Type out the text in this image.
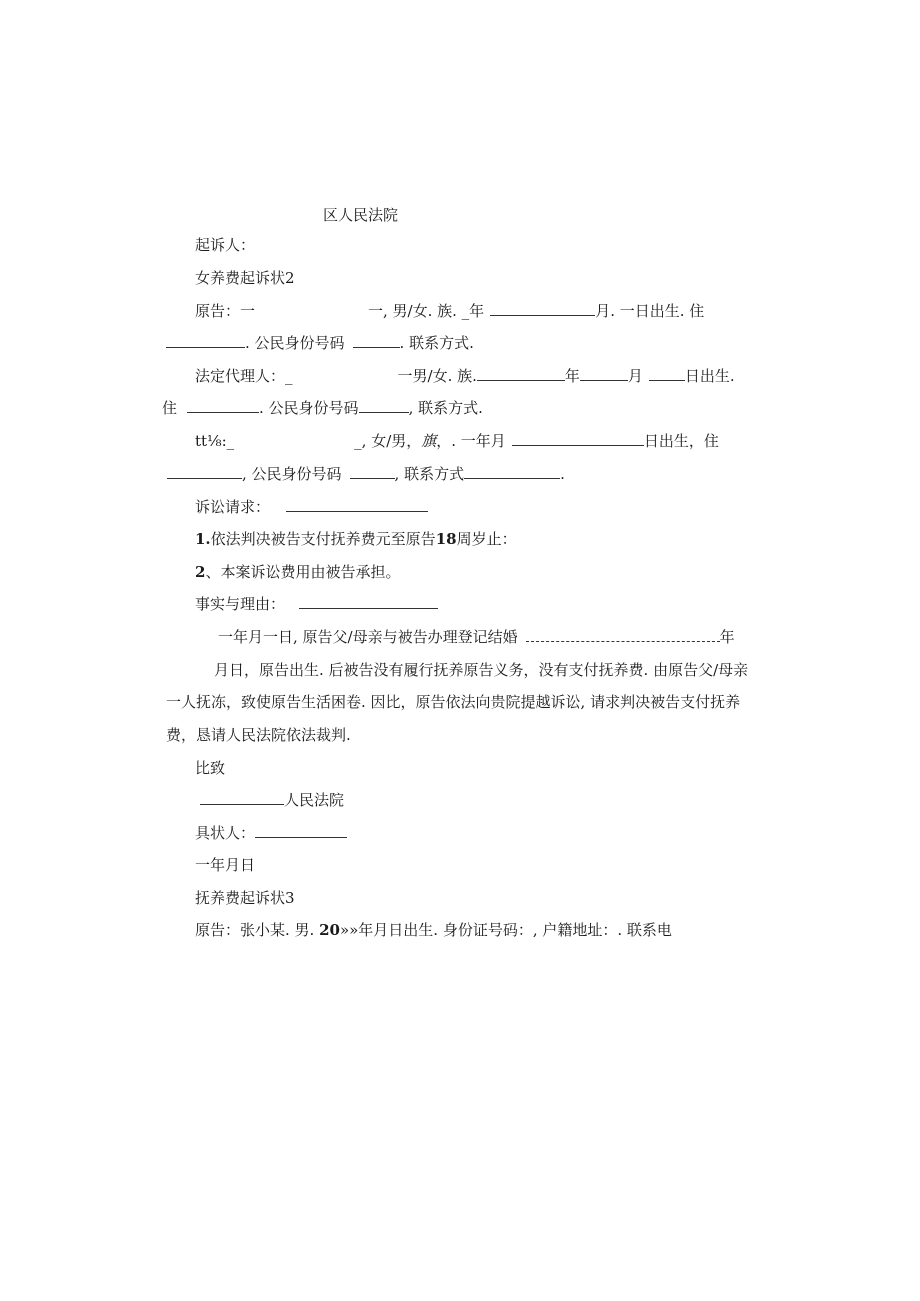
区人民法院
起诉人：
女养费起诉状2
原告：一	一, 男/女. 族. _年	月. 一日出生. 住
. 公民身份号码	. 联系方式.
法定代理人：_	一男/女. 族.	年	月	日出生.
住	. 公民身份号码	, 联系方式.
tt⅛:_	_, 女/男，旗，. 一年月	日出生，住
, 公民身份号码	, 联系方式	.
诉讼请求：
1.依法判决被告支付抚养费元至原告18周岁止：
2、本案诉讼费用由被告承担。
事实与理由：
一年月一日, 原告父/母亲与被告办理登记结婚	年
月日，原告出生. 后被告没有履行抚养原告义务，没有支付抚养费. 由原告父/母亲
一人抚冻，致使原告生活困卷. 因比，原告依法向贵院提越诉讼, 请求判决被告支付抚养
费，恳请人民法院依法裁判.
比致
人民法院
具状人：
一年月日
抚养费起诉状3
原告：张小某. 男. 20»»年月日出生. 身份证号码：, 户籍地址：. 联系电
